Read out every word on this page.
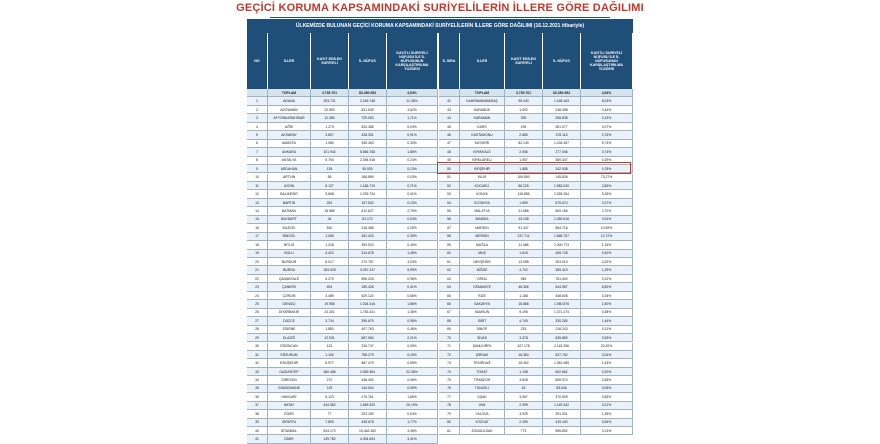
GEÇİCİ KORUMA KAPSAMINDAKİ SURİYELİLERİN İLLERE GÖRE DAĞILIMI
ÜLKEMİZDE BULUNAN GEÇİCİ KORUMA KAPSAMINDAKİ SURİYELİLERİN İLLERE GÖRE DAĞILIMI (16.12.2021 itibariyle)
NO	İLLER
KAYIT EDİLEN SURİYELİ
İL NÜFUS
KAYITLI SURİYELİ NÜFUSU İLE İL NÜFUSUNUN KARŞILAŞTIRILMA YÜZDESİ
TOPLAM	3.735.701	83.280.953	4,54%
1	ADANA	253.731	2.246.748	11,35%
2	ADIYAMAN	22.890	631.639	3,62%
3	AFYONKARAHİSAR	12.380	729.053	1,71%
4	AĞRI	1.273	534.386	0,24%
5	AKSARAY	3.807	428.301	0,91%
6	AMASYA	1.089	335.363	0,33%
7	ANKARA	101.942	5.566.768	1,85%
8	ANTALYA	5.754	2.394.918	0,24%
9	ARDAHAN	135	95.930	0,13%
10	ARTVİN	58	168.869	0,03%
11	AYDIN	8.137	1.166.719	0,71%
12	BALIKESİR	3.668	1.239.734	0,41%
13	BARTIN	251	197.532	0,13%
14	BATMAN	15.986	612.627	2,75%
15	BAYBURT	34	81.172	0,04%
16	BİLECİK	530	218.488	0,25%
17	BİNGÖL	1.065	281.423	0,39%
18	BİTLİS	1.318	353.923	0,40%
19	BOLU	4.422	314.678	1,45%
20	BURDUR	8.017	270.787	3,03%
21	BURSA	183.028	3.057.247	5,99%
22	ÇANAKKALE	5.270	596.225	0,96%
23	ÇANKIRI	694	189.428	0,41%
24	ÇORUM	3.489	529.124	0,66%
25	DENİZLİ	19.986	1.034.416	1,86%
26	DİYARBAKIR	24.301	1.783.431	1,36%
27	DÜZCE	3.734	395.679	0,95%
28	EDİRNE	1.883	407.763	0,46%
29	ELAZIĞ	12.931	587.960	2,21%
30	ERZİNCAN	123	234.747	0,05%
31	ERZURUM	1.160	758.279	0,15%
32	ESKİŞEHİR	5.977	887.475	0,69%
33	GAZİANTEP	460.486	2.069.364	22,36%
34	GİRESUN	270	448.400	0,06%
35	GÜMÜŞHANE	129	144.544	0,09%
36	HAKKARİ	5.123	275.761	1,85%
37	HATAY	434.582	1.659.320	26,19%
38	IĞDIR	77	203.159	0,04%
39	ISPARTA	7.890	445.678	1,77%
40	İSTANBUL	534.170	15.462.452	3,45%
41	İZMİR	149.782	4.394.694	3,41%
İL SIRA	İLLER
KAYIT EDİLEN SURİYELİ
İL NÜFUS
KAYITLI SURİYELİ NÜFUSU İLE İL NÜFUSUNUN KARŞILAŞTIRILMA YÜZDESİ
TOPLAM	3.735.701	83.280.953	4,54%
42	KAHRAMANMARAŞ	95.340	1.168.163	8,03%
43	KARABÜK	1.092	248.458	0,44%
44	KARAMAN	339	258.838	0,13%
45	KARS	196	281.077	0,07%
46	KASTAMONU	2.885	378.115	0,76%
47	KAYSERİ	82.149	1.434.357	5,73%
48	KIRIKKALE	2.056	277.046	0,74%
49	KIRKLARELİ	1.057	369.347	0,29%
50	KIRŞEHİR	1.885	242.938	0,78%
51	KİLİS	106.850	145.826	73,27%
52	KOCAELİ	56.225	1.983.240	2,83%
53	KONYA	118.856	2.265.284	5,25%
54	KÜTAHYA	1.559	575.674	0,27%
55	MALATYA	21.586	800.165	2,70%
56	MANİSA	13.138	1.450.616	0,91%
57	MARDİN	91.347	854.716	10,69%
58	MERSİN	237.711	1.868.757	12,72%
59	MUĞLA	11.488	1.000.773	1,15%
60	MUŞ	1.615	408.728	0,40%
61	NEVŞEHİR	13.098	303.010	4,32%
62	NİĞDE	4.702	365.419	1,29%
63	ORDU	945	761.400	0,12%
64	OSMANİYE	46.306	544.987	8,50%
65	RİZE	1.188	348.608	0,34%
66	SAKARYA	15.888	1.060.876	1,50%
67	SAMSUN	5.198	1.371.274	0,38%
68	SİİRT	4.749	330.280	1,44%
69	SİNOP	233	218.243	0,11%
70	SİVAS	3.378	635.889	0,53%
71	ŞANLIURFA	427.178	2.115.256	20,20%
72	ŞIRNAK	16.354	537.762	3,04%
73	TEKİRDAĞ	15.492	1.081.065	1,43%
74	TOKAT	1.198	602.662	0,20%
75	TRABZON	3.628	808.974	0,45%
76	TUNCELİ	43	83.645	0,05%
77	UŞAK	3.067	370.509	0,83%
78	VAN	2.399	1.149.342	0,21%
79	YALOVA	3.929	291.001	1,35%
80	YOZGAT	2.259	419.440	0,54%
81	ZONGULDAK	773	596.892	0,13%
